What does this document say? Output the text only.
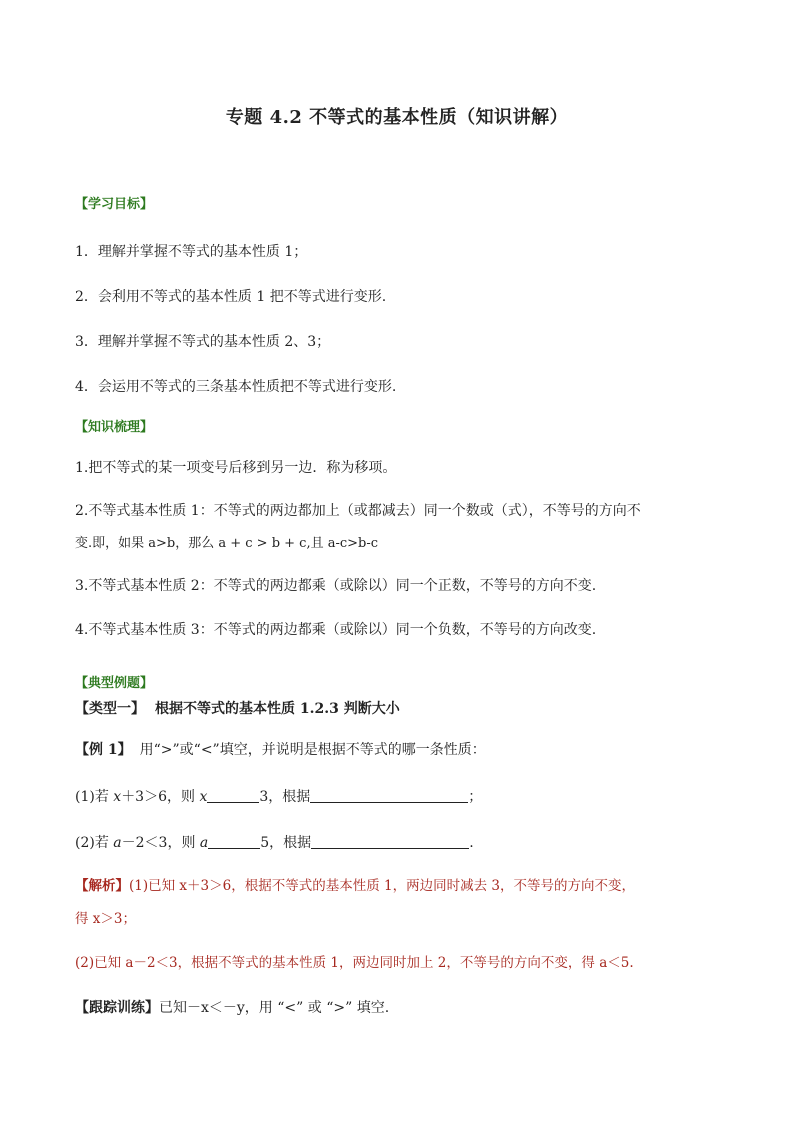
专题 4.2 不等式的基本性质（知识讲解）
【学习目标】
1．理解并掌握不等式的基本性质 1；
2．会利用不等式的基本性质 1 把不等式进行变形.
3．理解并掌握不等式的基本性质 2、3；
4．会运用不等式的三条基本性质把不等式进行变形.
【知识梳理】
1.把不等式的某一项变号后移到另一边．称为移项。
2.不等式基本性质 1：不等式的两边都加上（或都减去）同一个数或（式），不等号的方向不
变.即，如果 a>b，那么 a + c > b + c,且 a-c>b-c
3.不等式基本性质 2：不等式的两边都乘（或除以）同一个正数，不等号的方向不变.
4.不等式基本性质 3：不等式的两边都乘（或除以）同一个负数，不等号的方向改变.
【典型例题】
【类型一】 根据不等式的基本性质 1.2.3 判断大小
【例 1】 用“>”或“<”填空，并说明是根据不等式的哪一条性质：
(1)若 x＋3＞6，则 x	3，根据	；
(2)若 a－2＜3，则 a	5，根据	.
【解析】(1)已知 x＋3＞6，根据不等式的基本性质 1，两边同时减去 3，不等号的方向不变，
得 x＞3；
(2)已知 a－2＜3，根据不等式的基本性质 1，两边同时加上 2，不等号的方向不变，得 a＜5.
【跟踪训练】已知－x＜－y，用 “<” 或 “>” 填空.
